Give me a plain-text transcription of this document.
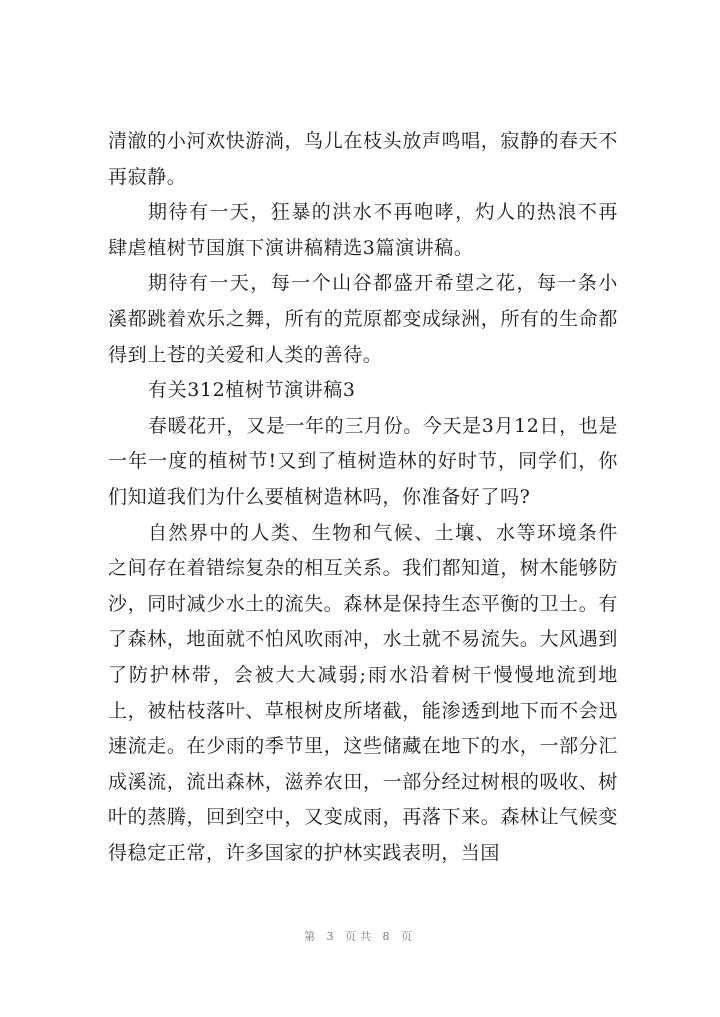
清澈的小河欢快游淌，鸟儿在枝头放声鸣唱，寂静的春天不再寂静。

期待有一天，狂暴的洪水不再咆哮，灼人的热浪不再肆虐植树节国旗下演讲稿精选3篇演讲稿。

期待有一天，每一个山谷都盛开希望之花，每一条小溪都跳着欢乐之舞，所有的荒原都变成绿洲，所有的生命都得到上苍的关爱和人类的善待。

有关312植树节演讲稿3

春暖花开，又是一年的三月份。今天是3月12日，也是一年一度的植树节!又到了植树造林的好时节，同学们，你们知道我们为什么要植树造林吗，你准备好了吗?

自然界中的人类、生物和气候、土壤、水等环境条件之间存在着错综复杂的相互关系。我们都知道，树木能够防沙，同时减少水土的流失。森林是保持生态平衡的卫士。有了森林，地面就不怕风吹雨冲，水土就不易流失。大风遇到了防护林带，会被大大减弱;雨水沿着树干慢慢地流到地上，被枯枝落叶、草根树皮所堵截，能渗透到地下而不会迅速流走。在少雨的季节里，这些储藏在地下的水，一部分汇成溪流，流出森林，滋养农田，一部分经过树根的吸收、树叶的蒸腾，回到空中，又变成雨，再落下来。森林让气候变得稳定正常，许多国家的护林实践表明，当国

第 3 页共 8 页
